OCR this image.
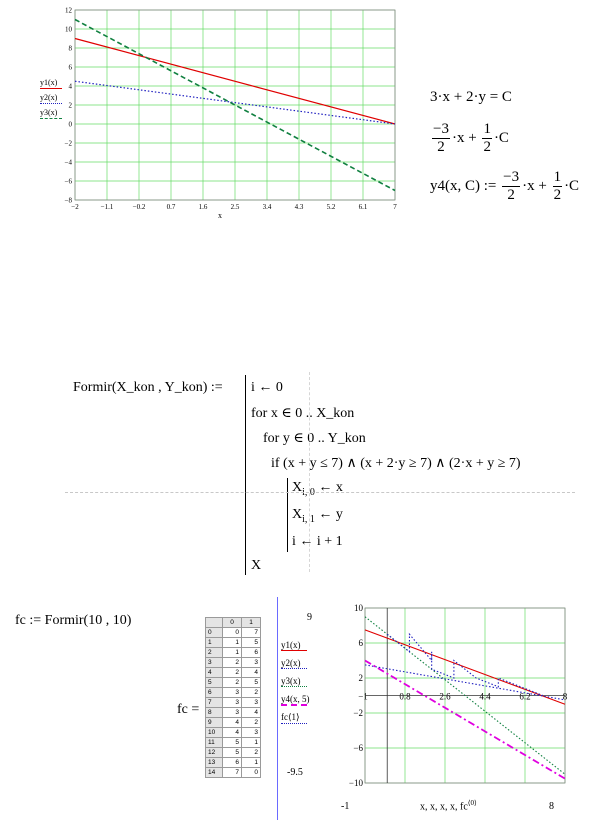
−2	−1.1	−0.2	0.7	1.6	2.5	3.4	4.3	5.2	6.1	7
12
10
8
6
4
2
0
−2
−4
−6
−8
x
y1(x)
y2(x)
y3(x)
3·x + 2·y = C
$\frac{-3}{2} \cdot x + \frac{1}{2} \cdot C$
y4(x, C) := $\frac{-3}{2} \cdot x + \frac{1}{2} \cdot C$
Formir(X_kon , Y_kon) := i ← 0
for x ∈ 0 .. X_kon
for y ∈ 0 .. Y_kon
if (x + y ≤ 7) ∧ (x + 2·y ≥ 7) ∧ (2·x + y ≥ 7)
$X_{i, 0}$ ← x
$X_{i, 1}$ ← y
i ← i + 1
X
fc := Formir(10 , 10)
fc =
	0	1
0	0	7
1	1	5
2	1	6
3	2	3
4	2	4
5	2	5
6	3	2
7	3	3
8	3	4
9	4	2
10	4	3
11	5	1
12	5	2
13	6	1
14	7	0
9
-9.5
-1	8
x, x, x, x, $fc^{⟨0⟩}$
y1(x)
y2(x)
y3(x)
y4(x, 5)
fc⟨1⟩
−1	0.8	2.6	4.4	6.2	8
10
6
2
−2
−6
−10
